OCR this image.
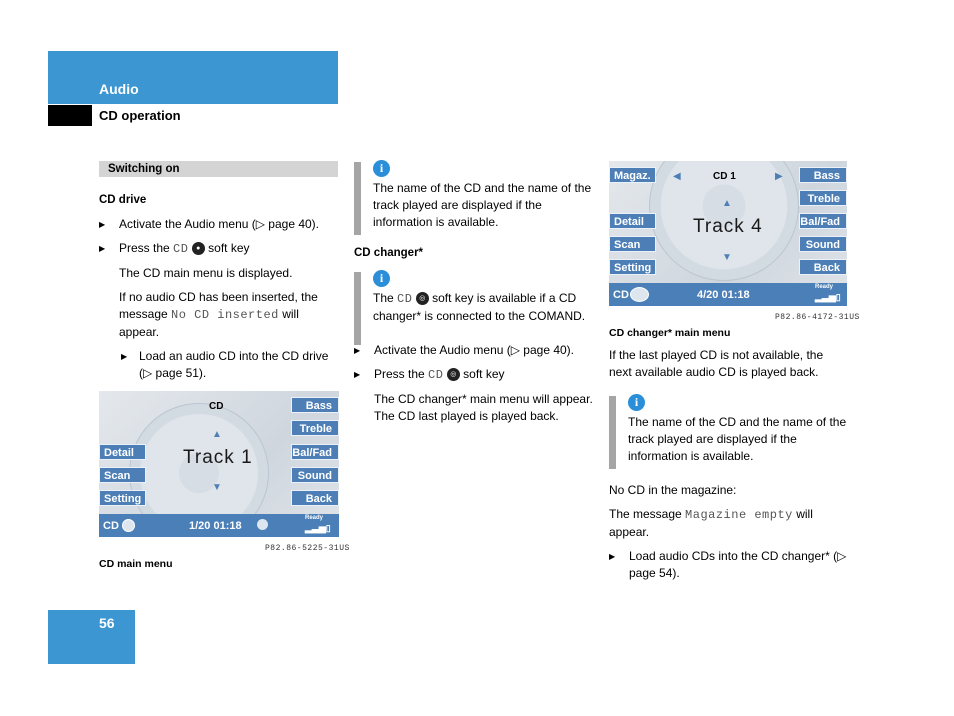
Audio
CD operation
Switching on
CD drive
▶ Activate the Audio menu (▷ page 40).
▶ Press the CD ● soft key
The CD main menu is displayed.
If no audio CD has been inserted, the message No CD inserted will appear.
▶ Load an audio CD into the CD drive (▷ page 51).
CD
▲
Track 1
▼
Detail
Scan
Setting
Bass
Treble
Bal/Fad
Sound
Back
CD	1/20 01:18
Ready
▂▃▅▯
P82.86-5225-31US
CD main menu
i
The name of the CD and the name of the track played are displayed if the information is available.
CD changer*
i
The CD ◎ soft key is available if a CD changer* is connected to the COMAND.
▶ Activate the Audio menu (▷ page 40).
▶ Press the CD ◎ soft key
The CD changer* main menu will appear. The CD last played is played back.
CD 1
◀	▶
▲
Track 4
▼
Magaz.
Detail
Scan
Setting
Bass
Treble
Bal/Fad
Sound
Back
CD	4/20 01:18
Ready
▂▃▅▯
P82.86-4172-31US
CD changer* main menu
If the last played CD is not available, the next available audio CD is played back.
i
The name of the CD and the name of the track played are displayed if the information is available.
No CD in the magazine:
The message Magazine empty will appear.
▶ Load audio CDs into the CD changer* (▷ page 54).
56
